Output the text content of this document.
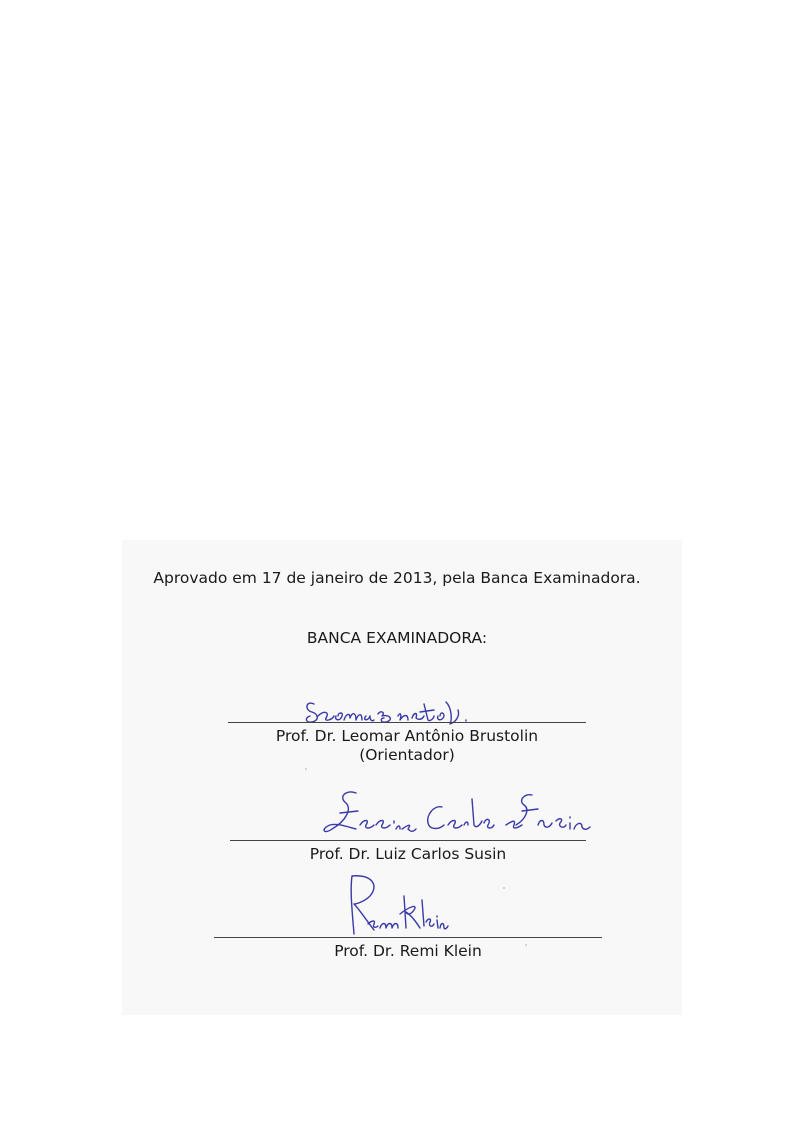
Aprovado em 17 de janeiro de 2013, pela Banca Examinadora.
BANCA EXAMINADORA:
Prof. Dr. Leomar Antônio Brustolin
(Orientador)
Prof. Dr. Luiz Carlos Susin
Prof. Dr. Remi Klein
